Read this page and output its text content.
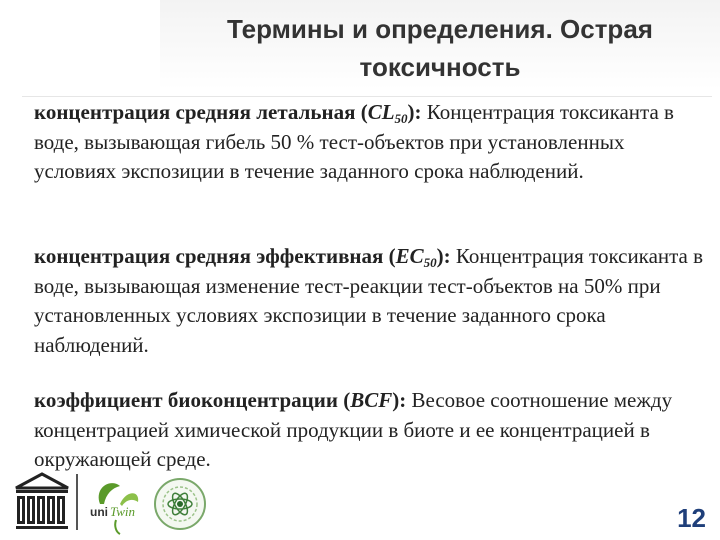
Термины и определения. Острая токсичность

концентрация средняя летальная $(CL_{50})$: Концентрация токсиканта в воде, вызывающая гибель 50 % тест-объектов при установленных условиях экспозиции в течение заданного срока наблюдений.

концентрация средняя эффективная $(EC_{50})$: Концентрация токсиканта в воде, вызывающая изменение тест-реакции тест-объектов на 50% при установленных условиях экспозиции в течение заданного срока наблюдений.

коэффициент биоконцентрации (BCF): Весовое соотношение между концентрацией химической продукции в биоте и ее концентрацией в окружающей среде.

uni Twin	12
